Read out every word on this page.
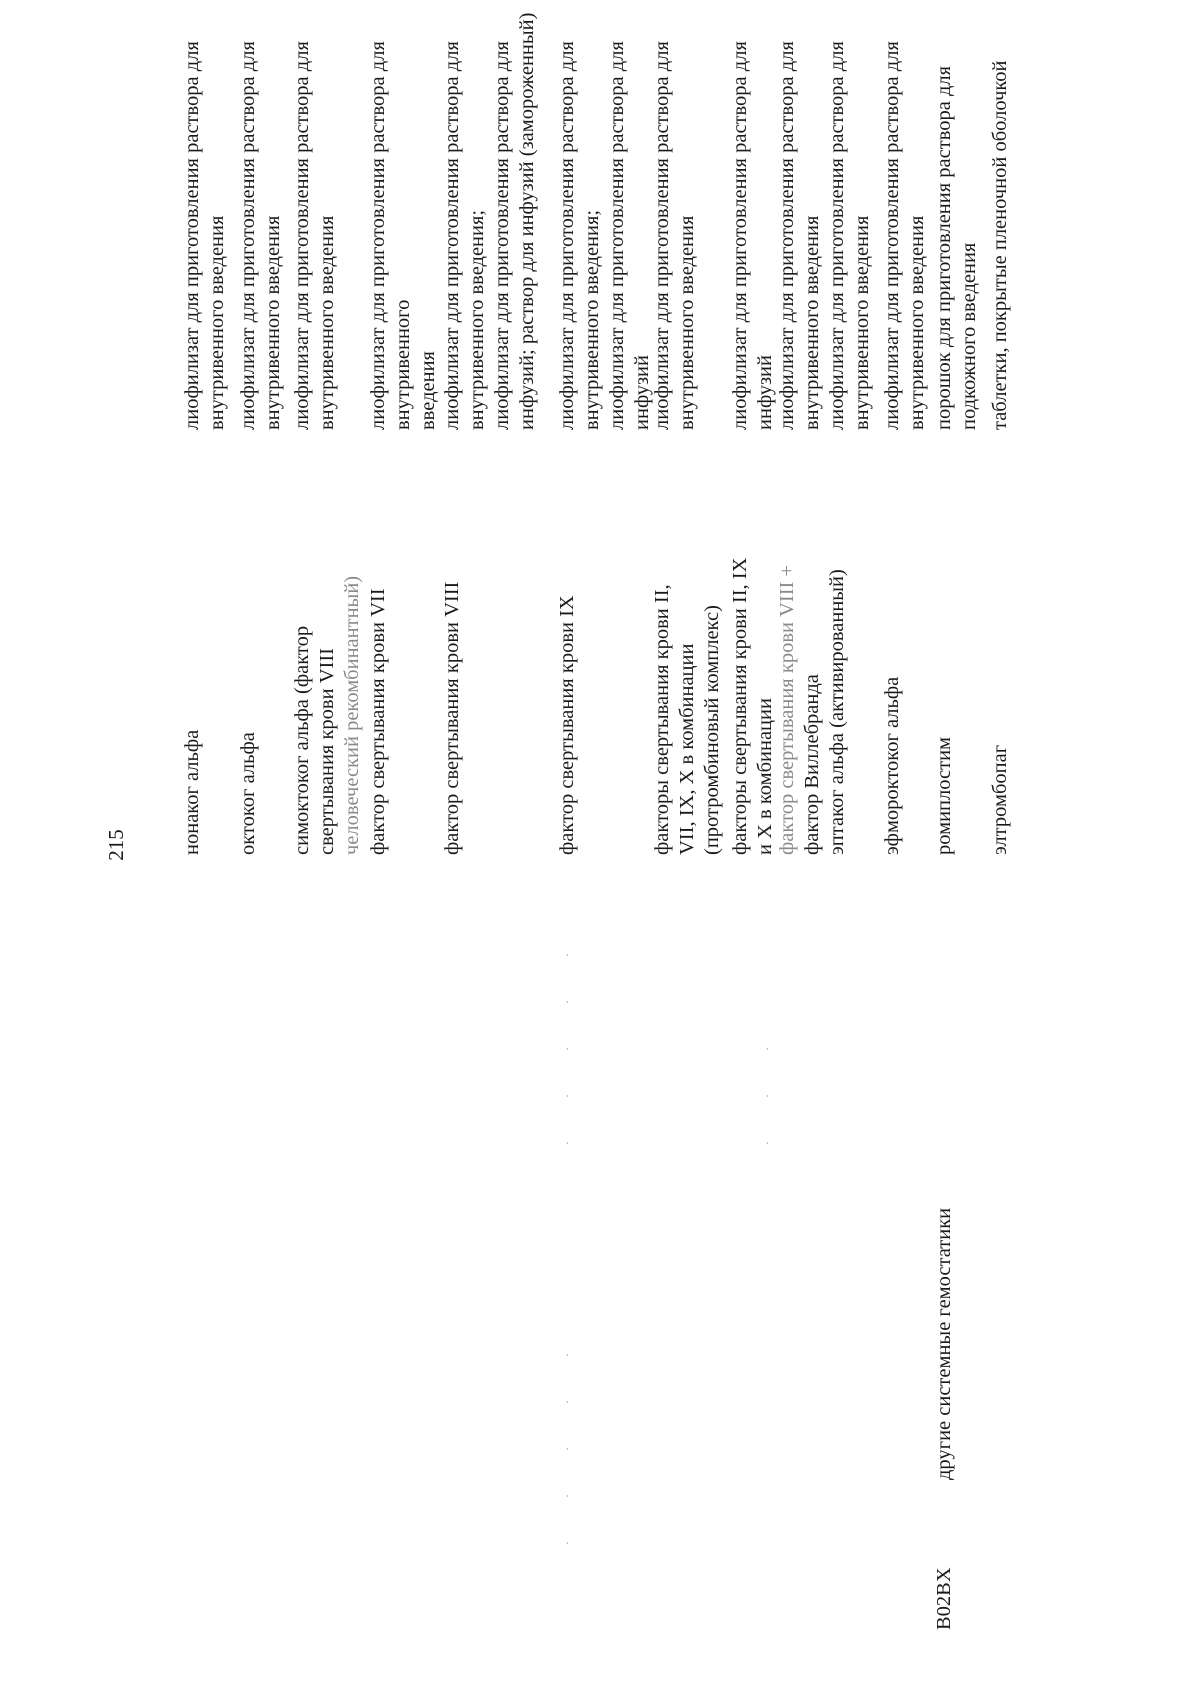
215	нонаког альфа
лиофилизат для приготовления раствора для внутривенного введения
октоког альфа
лиофилизат для приготовления раствора для внутривенного введения
симоктоког альфа (фактор свертывания крови VIII человеческий рекомбинантный)
лиофилизат для приготовления раствора для внутривенного введения
фактор свертывания крови VII
лиофилизат для приготовления раствора для внутривенного введения
фактор свертывания крови VIII
лиофилизат для приготовления раствора для внутривенного введения; лиофилизат для приготовления раствора для инфузий; раствор для инфузий (замороженный)
фактор свертывания крови IX
лиофилизат для приготовления раствора для внутривенного введения; лиофилизат для приготовления раствора для инфузий
факторы свертывания крови II, VII, IX, X в комбинации (протромбиновый комплекс)
лиофилизат для приготовления раствора для внутривенного введения
факторы свертывания крови II, IX и X в комбинации
лиофилизат для приготовления раствора для инфузий
фактор свертывания крови VIII + фактор Виллебранда
лиофилизат для приготовления раствора для внутривенного введения
эптаког альфа (активированный)
лиофилизат для приготовления раствора для внутривенного введения
эфмороктоког альфа
лиофилизат для приготовления раствора для внутривенного введения
B02BX
другие системные гемостатики
ромиплостим
порошок для приготовления раствора для подкожного введения
элтромбопаг
таблетки, покрытые пленочной оболочкой
· · · · ·
· · · · ·	· · ·
